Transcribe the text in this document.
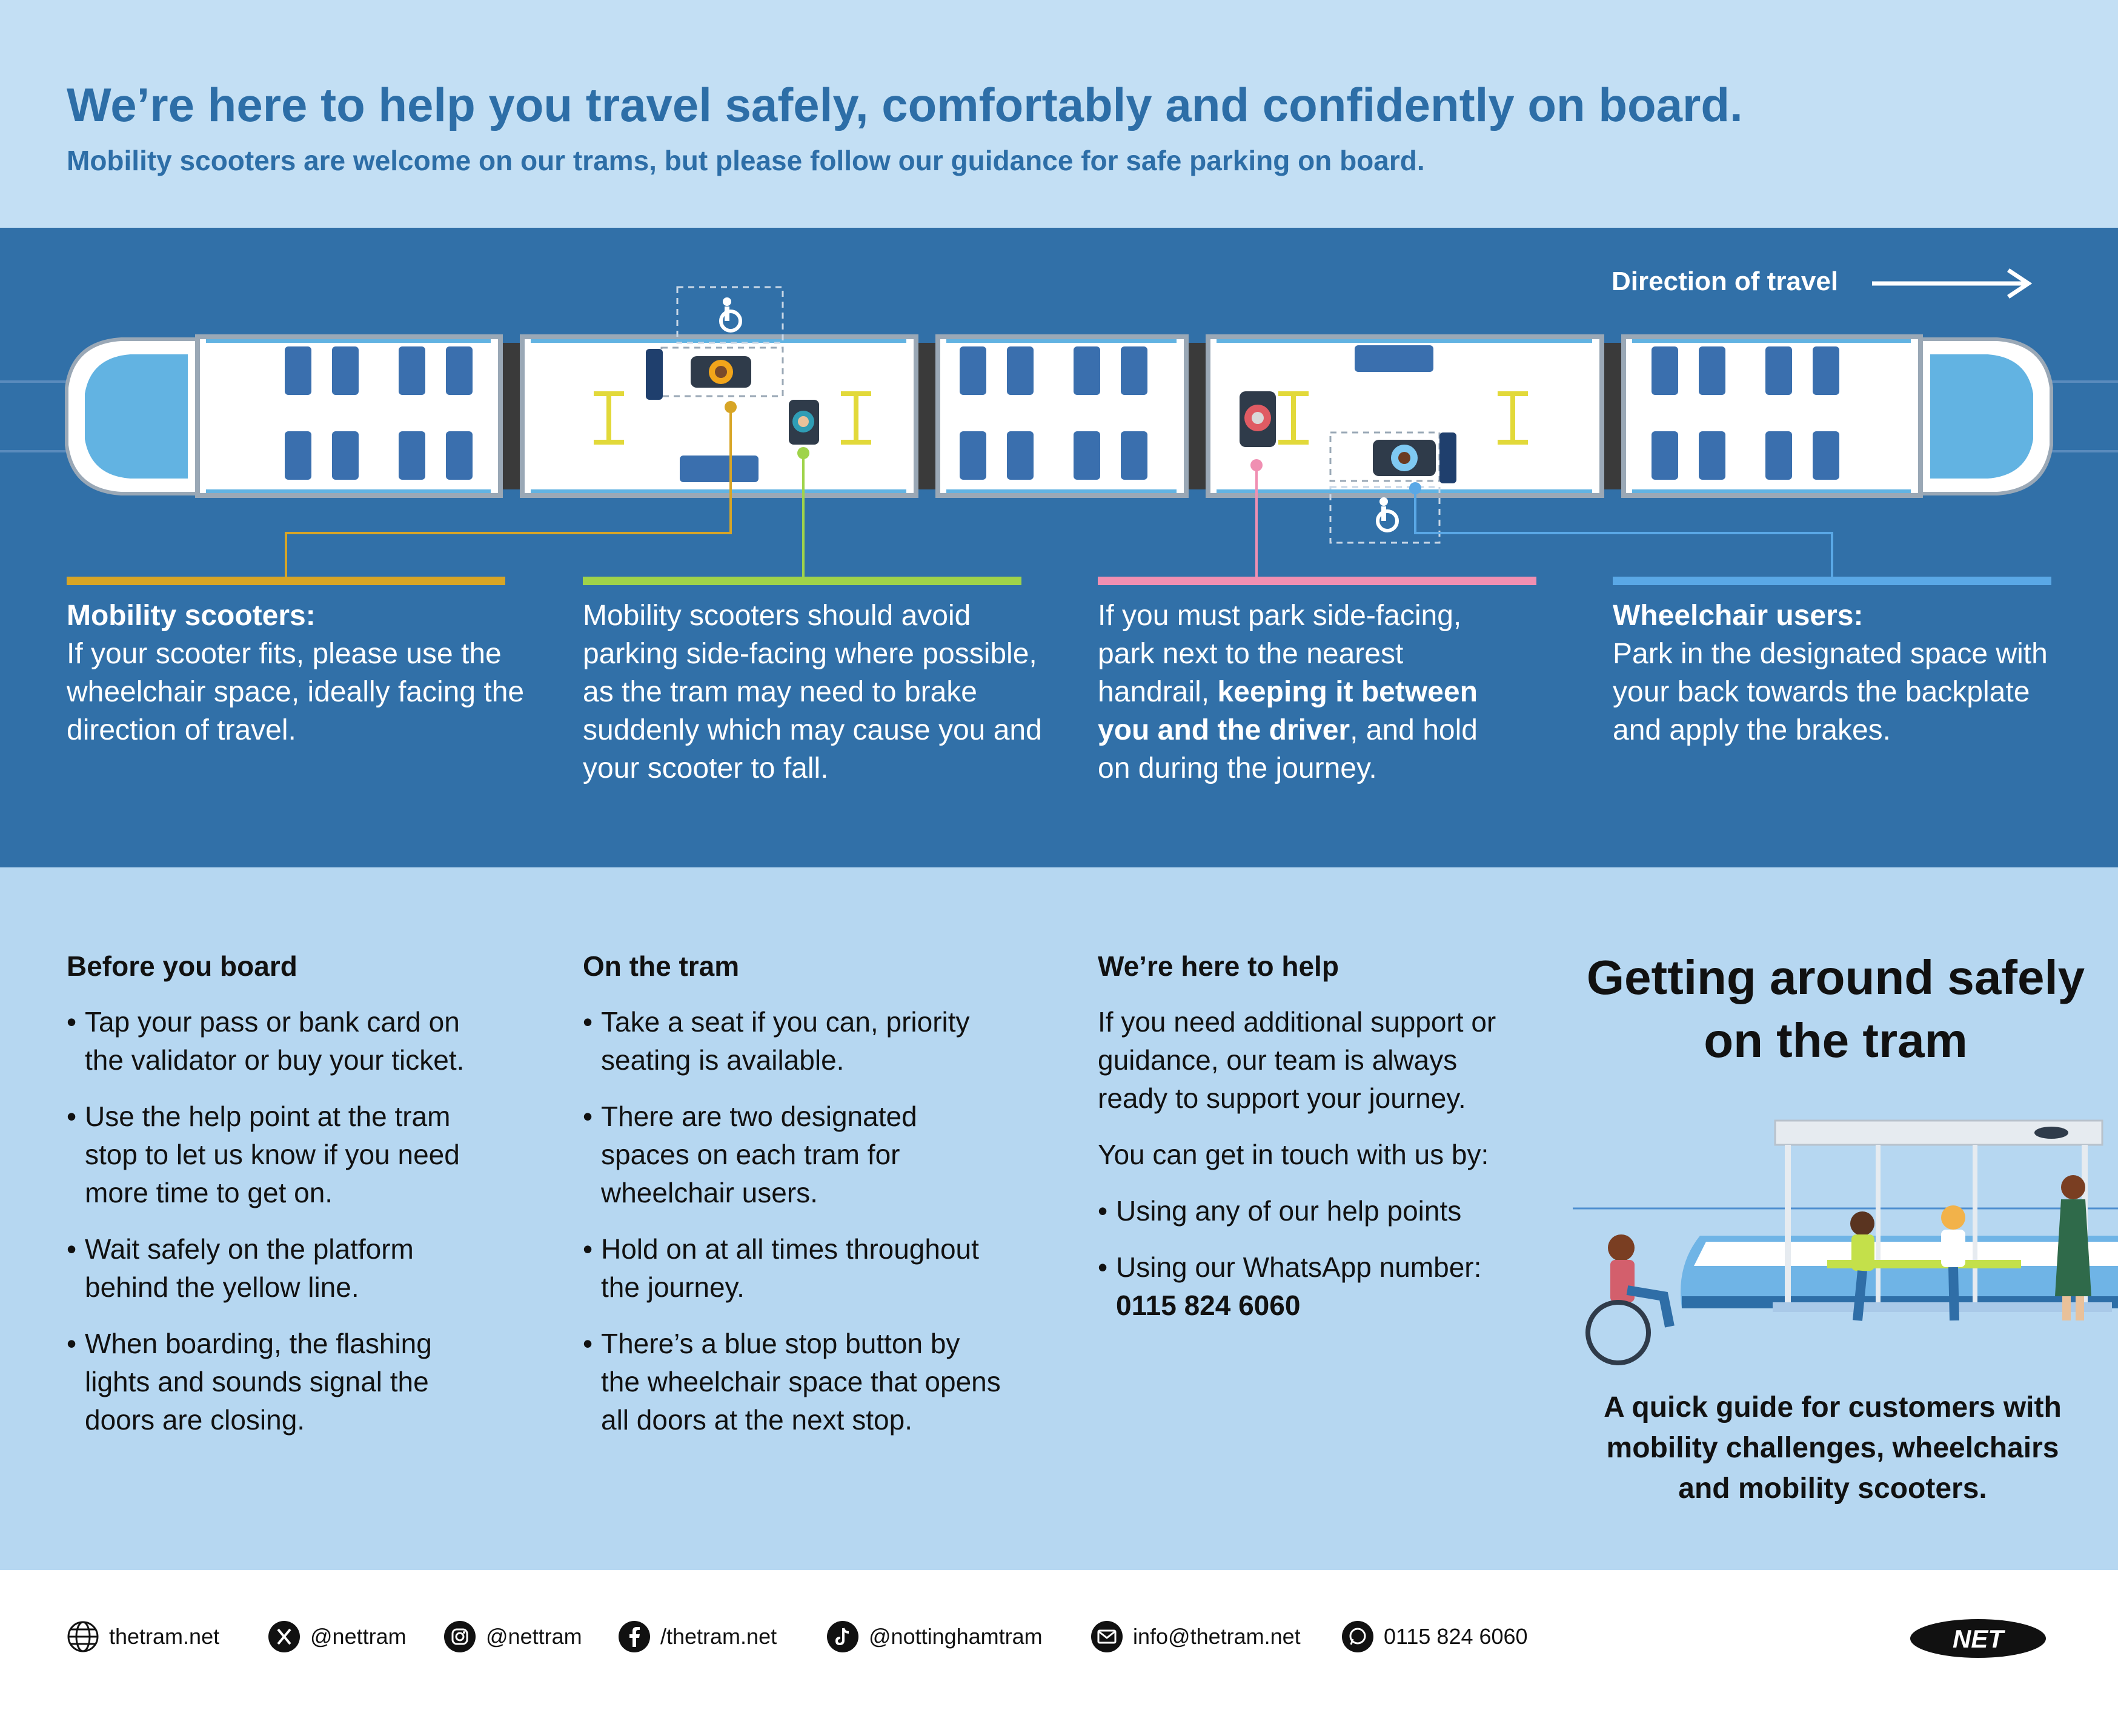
We’re here to help you travel safely, comfortably and confidently on board.
Mobility scooters are welcome on our trams, but please follow our guidance for safe parking on board.
Direction of travel
Mobility scooters:
If your scooter fits, please use the wheelchair space, ideally facing the direction of travel.
Mobility scooters should avoid parking side-facing where possible, as the tram may need to brake suddenly which may cause you and your scooter to fall.
If you must park side-facing, park next to the nearest handrail, keeping it between you and the driver, and hold on during the journey.
Wheelchair users:
Park in the designated space with your back towards the backplate and apply the brakes.
Before you board
• Tap your pass or bank card on the validator or buy your ticket.
• Use the help point at the tram stop to let us know if you need more time to get on.
• Wait safely on the platform behind the yellow line.
• When boarding, the flashing lights and sounds signal the doors are closing.
On the tram
• Take a seat if you can, priority seating is available.
• There are two designated spaces on each tram for wheelchair users.
• Hold on at all times throughout the journey.
• There’s a blue stop button by the wheelchair space that opens all doors at the next stop.
We’re here to help

If you need additional support or guidance, our team is always ready to support your journey.

You can get in touch with us by:

• Using any of our help points
• Using our WhatsApp number:
0115 824 6060
Getting around safely on the tram
A quick guide for customers with mobility challenges, wheelchairs and mobility scooters.
thetram.net	@nettram	@nettram	/thetram.net	@nottinghamtram	info@thetram.net	0115 824 6060	NET
